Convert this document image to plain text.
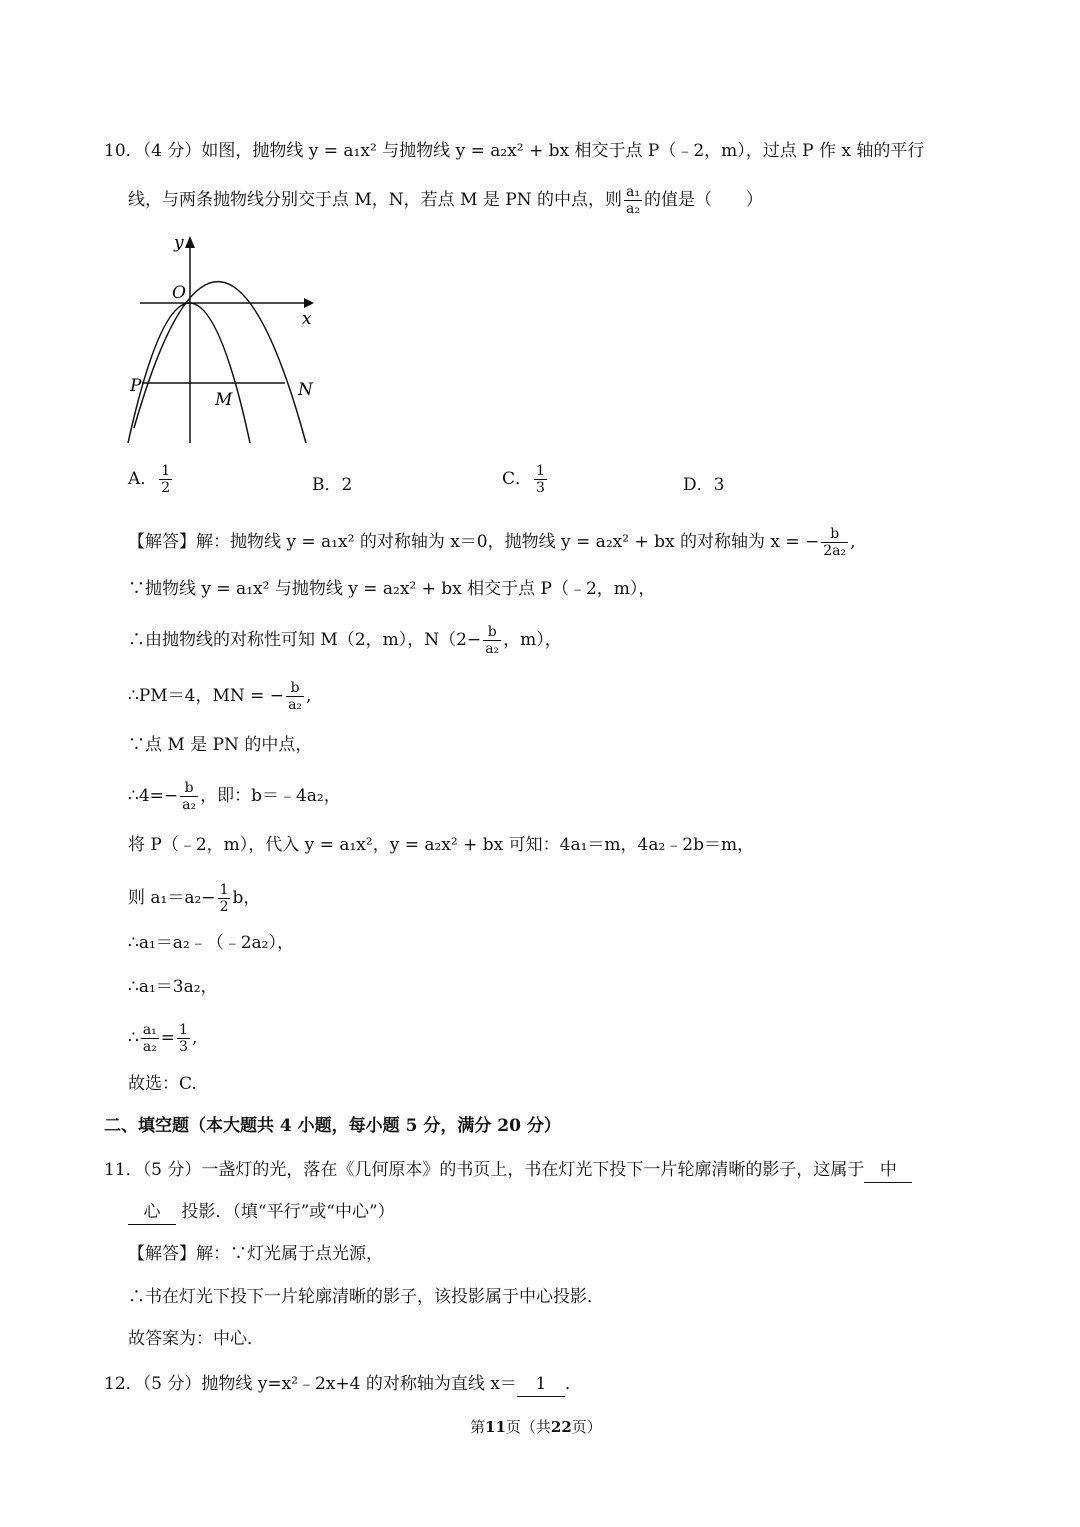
10．（4 分）如图，抛物线 y = a₁x² 与抛物线 y = a₂x² + bx 相交于点 P（﹣2，m），过点 P 作 x 轴的平行
线，与两条抛物线分别交于点 M，N，若点 M 是 PN 的中点，则 $\frac{\text{a₁}}{\text{a₂}}$ 的值是（　　）
y
x
O
P
M	N
A． $\frac{1}{2}$	B．2	C． $\frac{1}{3}$	D．3
【解答】解：抛物线 y = a₁x² 的对称轴为 x＝0，抛物线 y = a₂x² + bx 的对称轴为 x = − $\frac{b}{\text{2a₂}}$ ,
∵抛物线 y = a₁x² 与抛物线 y = a₂x² + bx 相交于点 P（﹣2，m），
∴由抛物线的对称性可知 M（2，m），$N(2- \frac{b}{\text{a₂}}$ ，m），
∴PM＝4，MN = − $\frac{b}{\text{a₂}}$ ,
∵点 M 是 PN 的中点，
∴4=− $\frac{b}{\text{a₂}}$ ，即：b＝﹣4a₂，
将 P（﹣2，m），代入 y = a₁x²，y = a₂x² + bx 可知：4a₁＝m，4a₂﹣2b＝m，
则 $a_1=a_2- \frac{1}{2}$ b，
∴a₁＝a₂﹣（﹣2a₂），
∴a₁＝3a₂，
∴ $\frac{\text{a₁}}{\text{a₂}} = \frac{1}{3}$ ,
故选：C.
二、填空题（本大题共 4 小题，每小题 5 分，满分 20 分）
11．（5 分）一盏灯的光，落在《几何原本》的书页上，书在灯光下投下一片轮廓清晰的影子，这属于 中
心 投影．（填“平行”或“中心”）
【解答】解：∵灯光属于点光源，
∴书在灯光下投下一片轮廓清晰的影子，该投影属于中心投影．
故答案为：中心．
12．（5 分）抛物线 y=x²﹣2x+4 的对称轴为直线 x＝ 1 ．
第11页（共22页）
